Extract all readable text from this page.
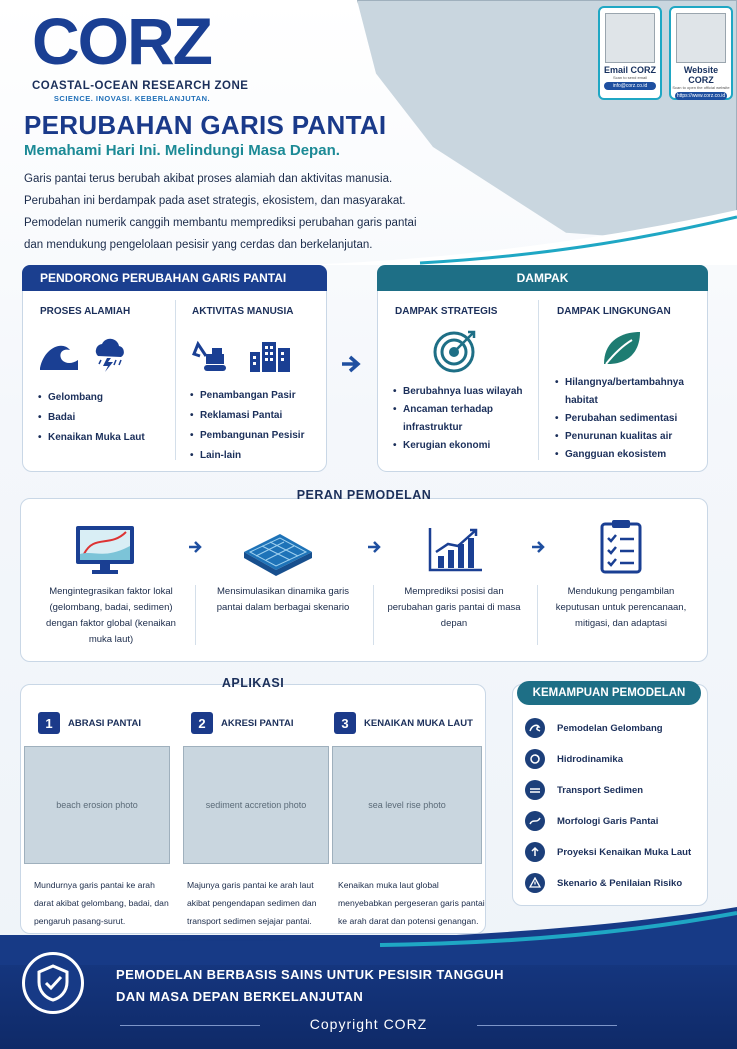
CORZ
COASTAL-OCEAN RESEARCH ZONE
SCIENCE. INOVASI. KEBERLANJUTAN.
Email CORZ
Scan to send email
info@corz.co.id
Website CORZ
Scan to open the official website
https://www.corz.co.id
PERUBAHAN GARIS PANTAI
Memahami Hari Ini. Melindungi Masa Depan.
Garis pantai terus berubah akibat proses alamiah dan aktivitas manusia.
Perubahan ini berdampak pada aset strategis, ekosistem, dan masyarakat.
Pemodelan numerik canggih membantu memprediksi perubahan garis pantai
dan mendukung pengelolaan pesisir yang cerdas dan berkelanjutan.
PENDORONG PERUBAHAN GARIS PANTAI
PROSES ALAMIAH	AKTIVITAS MANUSIA
• Gelombang
• Badai
• Kenaikan Muka Laut
• Penambangan Pasir
• Reklamasi Pantai
• Pembangunan Pesisir
• Lain-lain
DAMPAK
DAMPAK STRATEGIS	DAMPAK LINGKUNGAN
• Berubahnya luas wilayah
• Ancaman terhadap infrastruktur
• Kerugian ekonomi
• Hilangnya/bertambahnya habitat
• Perubahan sedimentasi
• Penurunan kualitas air
• Gangguan ekosistem
PERAN PEMODELAN
Mengintegrasikan faktor lokal (gelombang, badai, sedimen) dengan faktor global (kenaikan muka laut)
Mensimulasikan dinamika garis pantai dalam berbagai skenario
Memprediksi posisi dan perubahan garis pantai di masa depan
Mendukung pengambilan keputusan untuk perencanaan, mitigasi, dan adaptasi
APLIKASI
1	ABRASI PANTAI
beach erosion photo
Mundurnya garis pantai ke arah darat akibat gelombang, badai, dan pengaruh pasang-surut.
2	AKRESI PANTAI
sediment accretion photo
Majunya garis pantai ke arah laut akibat pengendapan sedimen dan transport sedimen sejajar pantai.
3	KENAIKAN MUKA LAUT
sea level rise photo
Kenaikan muka laut global menyebabkan pergeseran garis pantai ke arah darat dan potensi genangan.
KEMAMPUAN PEMODELAN
Pemodelan Gelombang
Hidrodinamika
Transport Sedimen
Morfologi Garis Pantai
Proyeksi Kenaikan Muka Laut
Skenario & Penilaian Risiko
PEMODELAN BERBASIS SAINS UNTUK PESISIR TANGGUH
DAN MASA DEPAN BERKELANJUTAN
Copyright CORZ
